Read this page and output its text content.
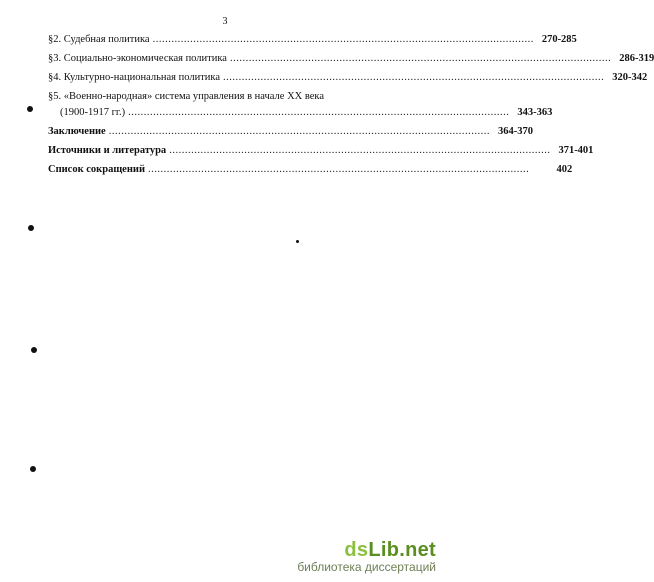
3
§2. Судебная политика .......................................................................................................................... 270-285
§3. Социально-экономическая политика .......................................................................................................................... 286-319
§4. Культурно-национальная политика .......................................................................................................................... 320-342
§5. «Военно-народная» система управления в начале XX века
(1900-1917 гг.) .......................................................................................................................... 343-363
Заключение .......................................................................................................................... 364-370
Источники и литература .......................................................................................................................... 371-401
Список сокращений ..........................................................................................................................	402
dsLib.net
библиотека диссертаций
